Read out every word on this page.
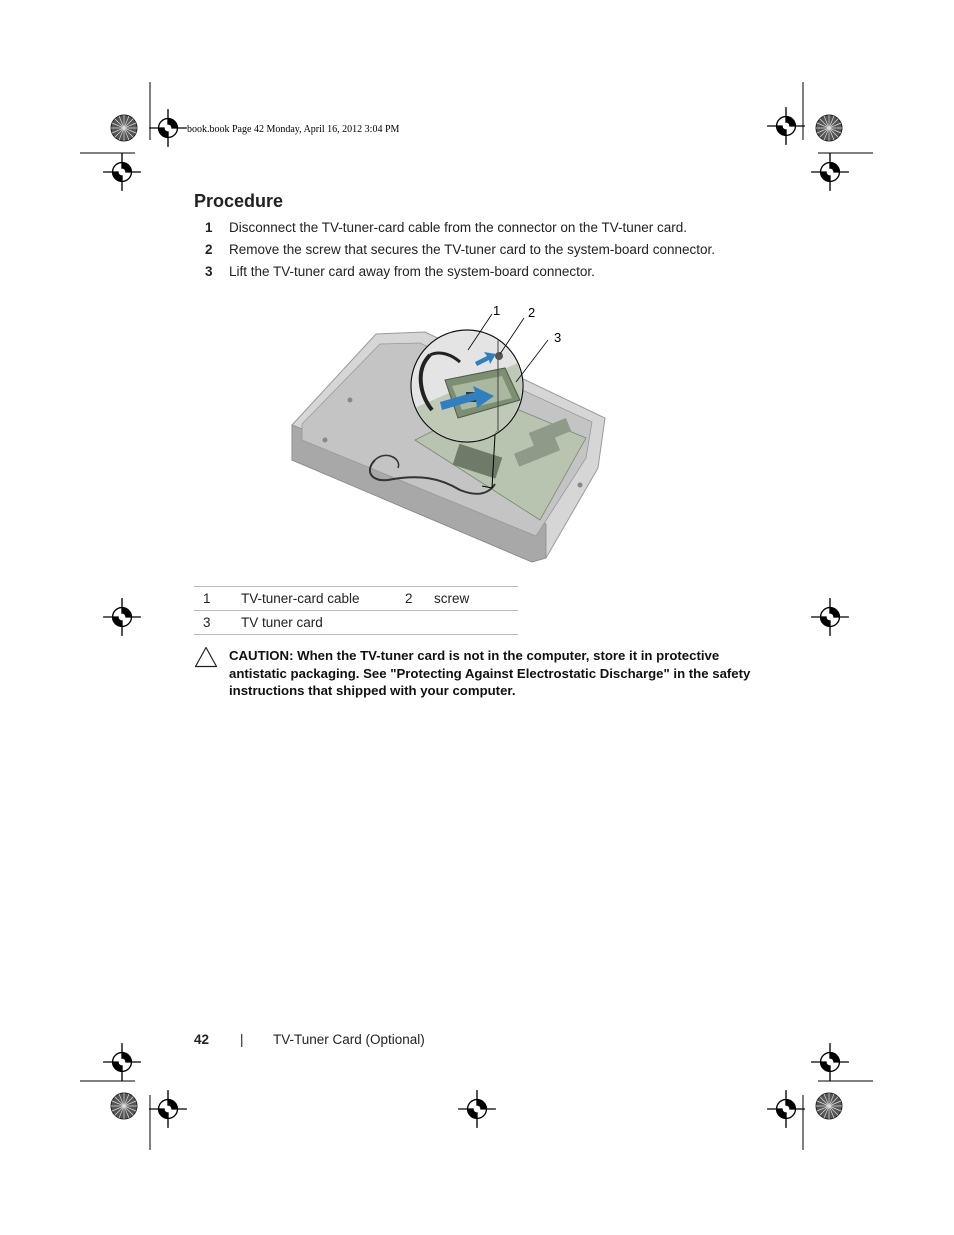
book.book Page 42 Monday, April 16, 2012 3:04 PM
Procedure
1 Disconnect the TV-tuner-card cable from the connector on the TV-tuner card.
2 Remove the screw that secures the TV-tuner card to the system-board connector.
3 Lift the TV-tuner card away from the system-board connector.
1 2
3
1	TV-tuner-card cable	2	screw
3	TV tuner card		
CAUTION: When the TV-tuner card is not in the computer, store it in protective antistatic packaging. See "Protecting Against Electrostatic Discharge" in the safety instructions that shipped with your computer.
42 | TV-Tuner Card (Optional)
